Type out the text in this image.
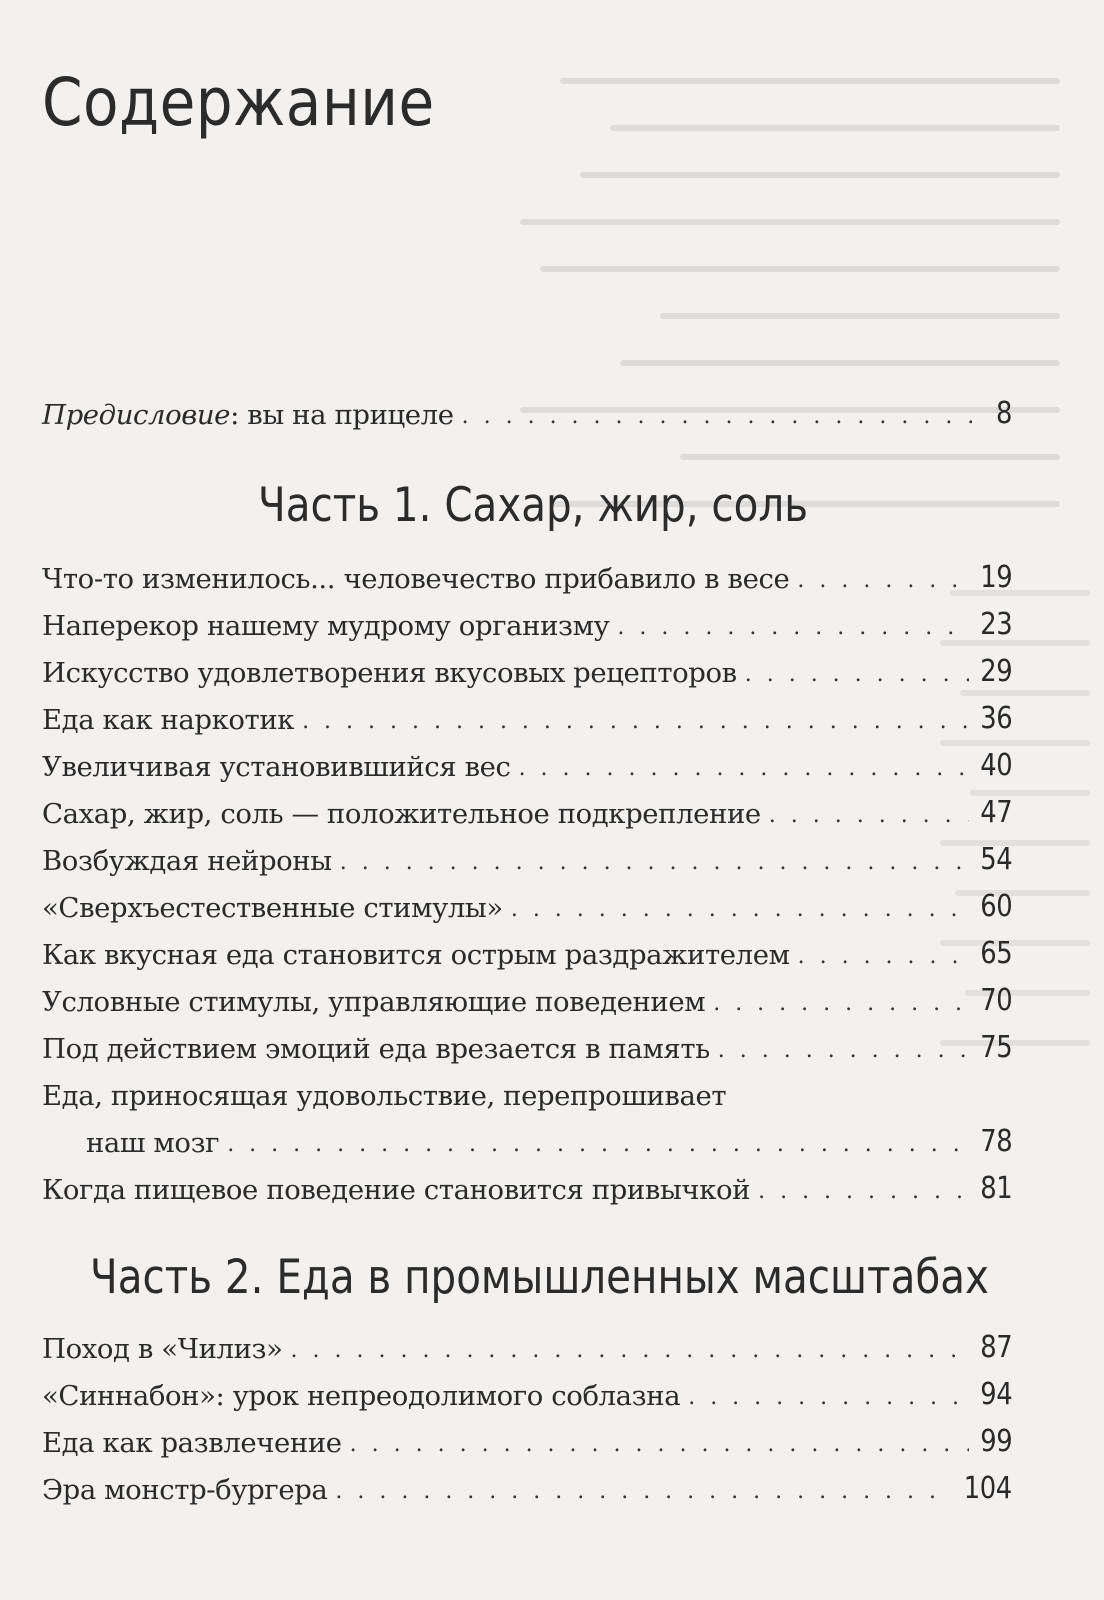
Содержание
Предисловие: вы на прицеле . . .	8
Часть 1. Сахар, жир, соль
Что-то изменилось... человечество прибавило в весе . . .	19
Наперекор нашему мудрому организму . . .	23
Искусство удовлетворения вкусовых рецепторов . . .	29
Еда как наркотик . . .	36
Увеличивая установившийся вес . . .	40
Сахар, жир, соль — положительное подкрепление . . .	47
Возбуждая нейроны . . .	54
«Сверхъестественные стимулы» . . .	60
Как вкусная еда становится острым раздражителем . . .	65
Условные стимулы, управляющие поведением . . .	70
Под действием эмоций еда врезается в память . . .	75
Еда, приносящая удовольствие, перепрошивает
наш мозг . . .	78
Когда пищевое поведение становится привычкой . . .	81
Часть 2. Еда в промышленных масштабах
Поход в «Чилиз» . . .	87
«Синнабон»: урок непреодолимого соблазна . . .	94
Еда как развлечение . . .	99
Эра монстр-бургера . . .	104
